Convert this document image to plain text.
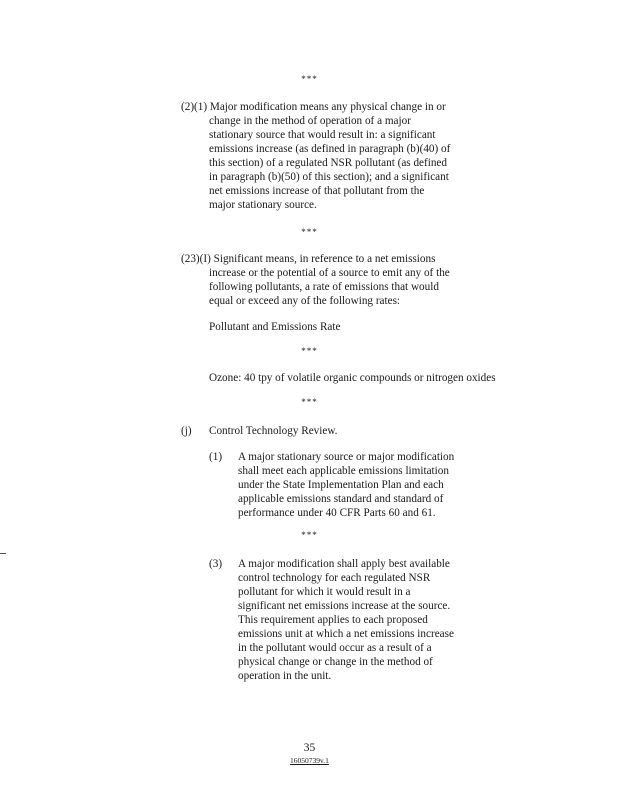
***
(2)(1) Major modification means any physical change in or
change in the method of operation of a major
stationary source that would result in: a significant
emissions increase (as defined in paragraph (b)(40) of
this section) of a regulated NSR pollutant (as defined
in paragraph (b)(50) of this section); and a significant
net emissions increase of that pollutant from the
major stationary source.
***
(23)(I) Significant means, in reference to a net emissions
increase or the potential of a source to emit any of the
following pollutants, a rate of emissions that would
equal or exceed any of the following rates:
Pollutant and Emissions Rate
***
Ozone: 40 tpy of volatile organic compounds or nitrogen oxides
***
(j) Control Technology Review.
(1) A major stationary source or major modification
shall meet each applicable emissions limitation
under the State Implementation Plan and each
applicable emissions standard and standard of
performance under 40 CFR Parts 60 and 61.
***
(3) A major modification shall apply best available
control technology for each regulated NSR
pollutant for which it would result in a
significant net emissions increase at the source.
This requirement applies to each proposed
emissions unit at which a net emissions increase
in the pollutant would occur as a result of a
physical change or change in the method of
operation in the unit.
35
16050739v.1
